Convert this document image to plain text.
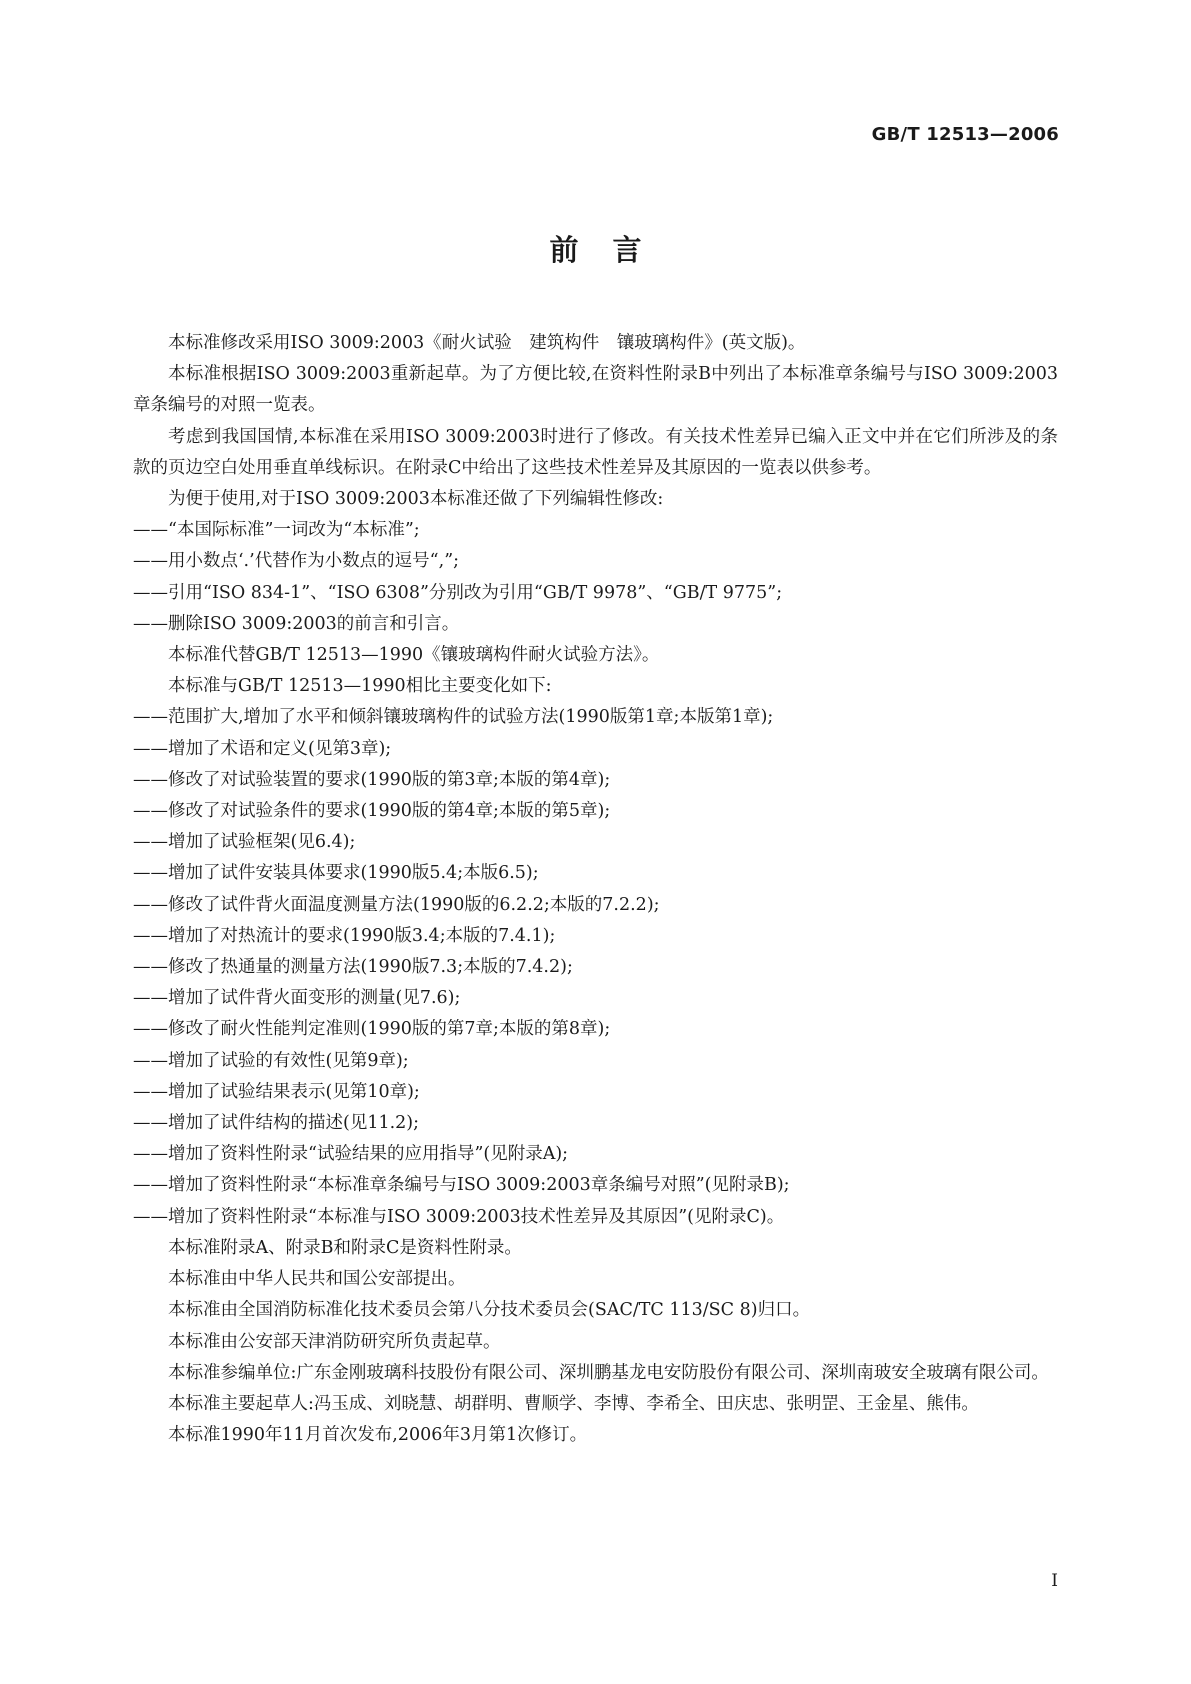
GB/T 12513—2006
前言

本标准修改采用ISO 3009:2003《耐火试验　建筑构件　镶玻璃构件》(英文版)。

本标准根据ISO 3009:2003重新起草。为了方便比较,在资料性附录B中列出了本标准章条编号与ISO 3009:2003章条编号的对照一览表。

考虑到我国国情,本标准在采用ISO 3009:2003时进行了修改。有关技术性差异已编入正文中并在它们所涉及的条款的页边空白处用垂直单线标识。在附录C中给出了这些技术性差异及其原因的一览表以供参考。

为便于使用,对于ISO 3009:2003本标准还做了下列编辑性修改:

——“本国际标准”一词改为“本标准”;

——用小数点‘.’代替作为小数点的逗号“,”;

——引用“ISO 834-1”、“ISO 6308”分别改为引用“GB/T 9978”、“GB/T 9775”;

——删除ISO 3009:2003的前言和引言。

本标准代替GB/T 12513—1990《镶玻璃构件耐火试验方法》。

本标准与GB/T 12513—1990相比主要变化如下:

——范围扩大,增加了水平和倾斜镶玻璃构件的试验方法(1990版第1章;本版第1章);

——增加了术语和定义(见第3章);

——修改了对试验装置的要求(1990版的第3章;本版的第4章);

——修改了对试验条件的要求(1990版的第4章;本版的第5章);

——增加了试验框架(见6.4);

——增加了试件安装具体要求(1990版5.4;本版6.5);

——修改了试件背火面温度测量方法(1990版的6.2.2;本版的7.2.2);

——增加了对热流计的要求(1990版3.4;本版的7.4.1);

——修改了热通量的测量方法(1990版7.3;本版的7.4.2);

——增加了试件背火面变形的测量(见7.6);

——修改了耐火性能判定准则(1990版的第7章;本版的第8章);

——增加了试验的有效性(见第9章);

——增加了试验结果表示(见第10章);

——增加了试件结构的描述(见11.2);

——增加了资料性附录“试验结果的应用指导”(见附录A);

——增加了资料性附录“本标准章条编号与ISO 3009:2003章条编号对照”(见附录B);

——增加了资料性附录“本标准与ISO 3009:2003技术性差异及其原因”(见附录C)。

本标准附录A、附录B和附录C是资料性附录。

本标准由中华人民共和国公安部提出。

本标准由全国消防标准化技术委员会第八分技术委员会(SAC/TC 113/SC 8)归口。

本标准由公安部天津消防研究所负责起草。

本标准参编单位:广东金刚玻璃科技股份有限公司、深圳鹏基龙电安防股份有限公司、深圳南玻安全玻璃有限公司。

本标准主要起草人:冯玉成、刘晓慧、胡群明、曹顺学、李博、李希全、田庆忠、张明罡、王金星、熊伟。

本标准1990年11月首次发布,2006年3月第1次修订。

I
